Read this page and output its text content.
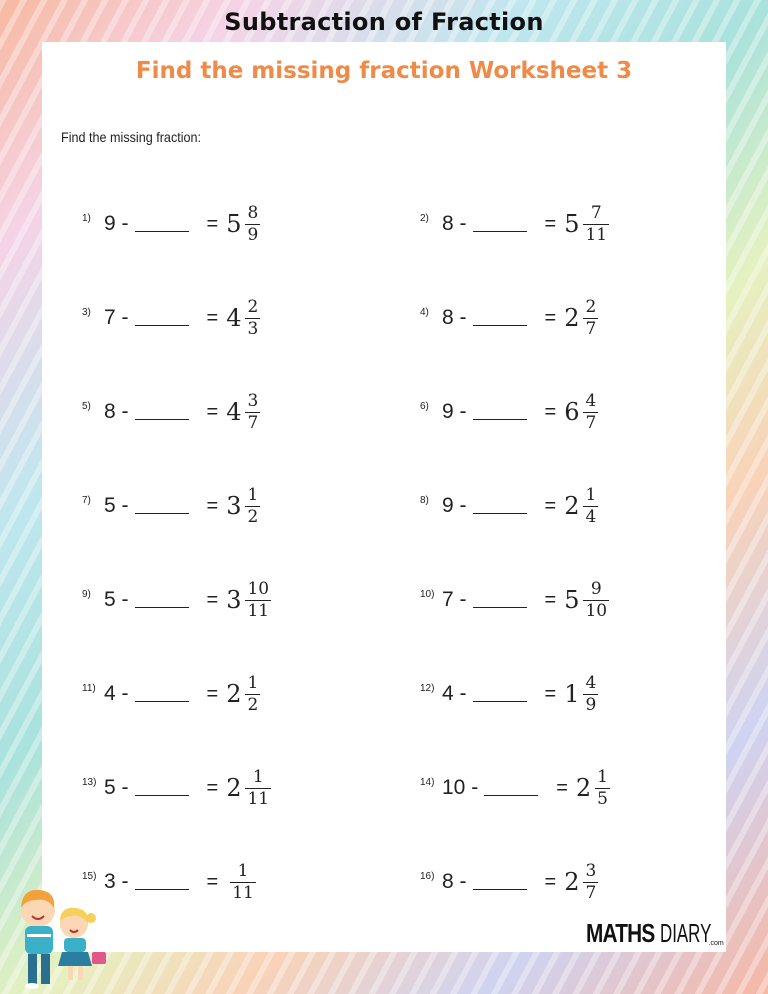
Subtraction of Fraction
Find the missing fraction Worksheet 3
Find the missing fraction:
1) 9 -	= $5 \frac{8}{9}$	2) 8 -	= $5 \frac{7}{11}$
3) 7 -	= $4 \frac{2}{3}$	4) 8 -	= $2 \frac{2}{7}$
5) 8 -	= $4 \frac{3}{7}$	6) 9 -	= $6 \frac{4}{7}$
7) 5 -	= $3 \frac{1}{2}$	8) 9 -	= $2 \frac{1}{4}$
9) 5 -	= $3 \frac{10}{11}$	10) 7 -	= $5 \frac{9}{10}$
11) 4 -	= $2 \frac{1}{2}$	12) 4 -	= $1 \frac{4}{9}$
13) 5 -	= $2 \frac{1}{11}$	14) 10 -	= $2 \frac{1}{5}$
15) 3 -	= $\frac{1}{11}$	16) 8 -	= $2 \frac{3}{7}$
MATHS DIARY
.com
